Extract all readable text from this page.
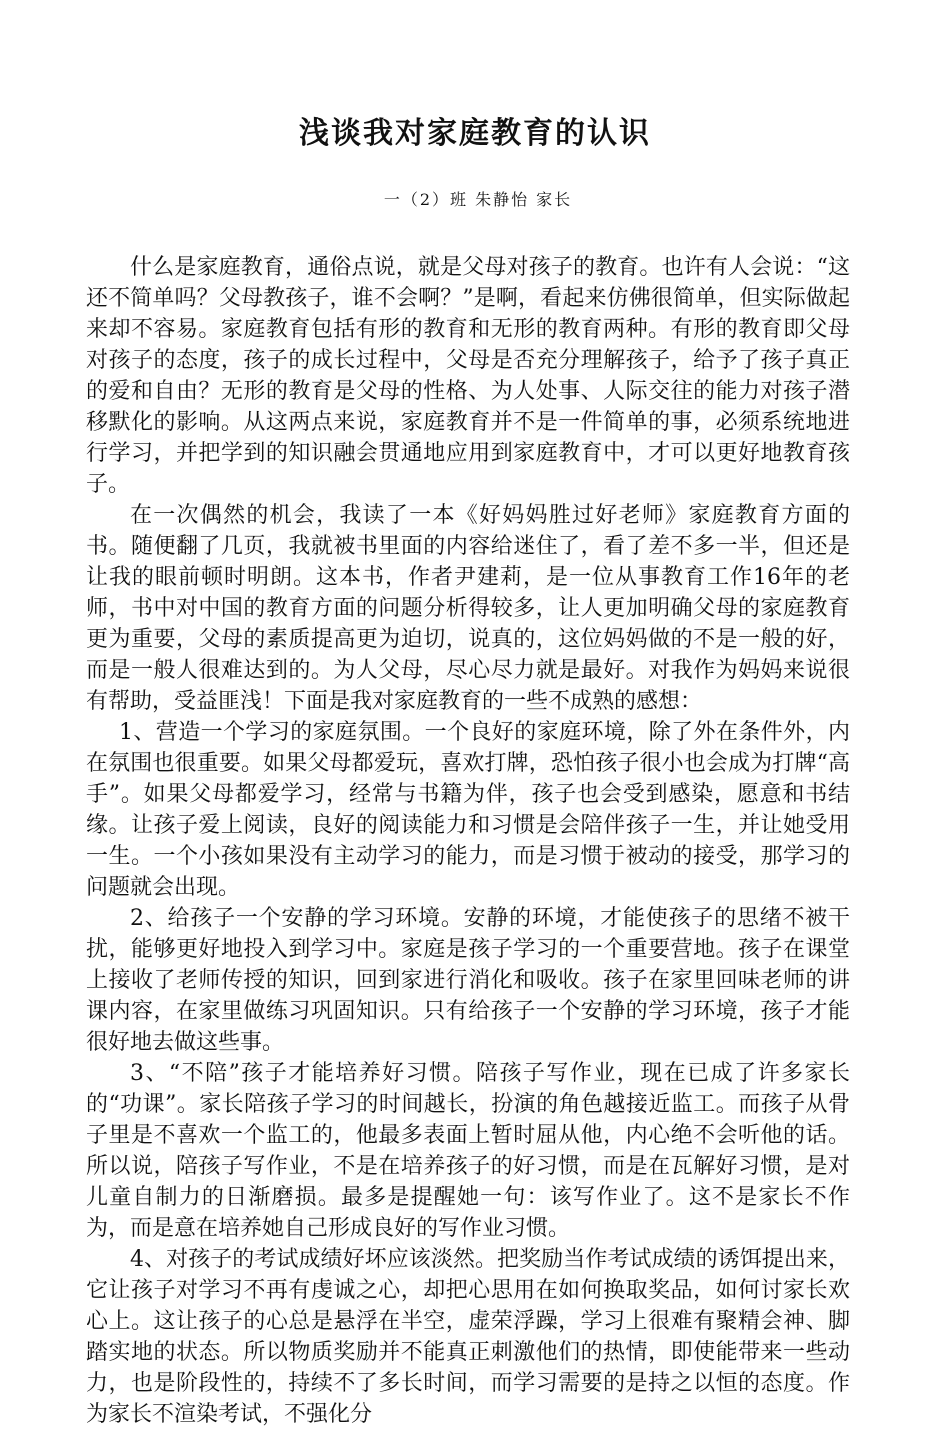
浅谈我对家庭教育的认识

一（2）班 朱静怡 家长

什么是家庭教育，通俗点说，就是父母对孩子的教育。也许有人会说：“这还不简单吗？父母教孩子，谁不会啊？”是啊，看起来仿佛很简单，但实际做起来却不容易。家庭教育包括有形的教育和无形的教育两种。有形的教育即父母对孩子的态度，孩子的成长过程中，父母是否充分理解孩子，给予了孩子真正的爱和自由？无形的教育是父母的性格、为人处事、人际交往的能力对孩子潜移默化的影响。从这两点来说，家庭教育并不是一件简单的事，必须系统地进行学习，并把学到的知识融会贯通地应用到家庭教育中，才可以更好地教育孩子。

在一次偶然的机会，我读了一本《好妈妈胜过好老师》家庭教育方面的书。随便翻了几页，我就被书里面的内容给迷住了，看了差不多一半，但还是让我的眼前顿时明朗。这本书，作者尹建莉，是一位从事教育工作16年的老师，书中对中国的教育方面的问题分析得较多，让人更加明确父母的家庭教育更为重要，父母的素质提高更为迫切，说真的，这位妈妈做的不是一般的好，而是一般人很难达到的。为人父母，尽心尽力就是最好。对我作为妈妈来说很有帮助，受益匪浅！下面是我对家庭教育的一些不成熟的感想：

1、营造一个学习的家庭氛围。一个良好的家庭环境，除了外在条件外，内在氛围也很重要。如果父母都爱玩，喜欢打牌，恐怕孩子很小也会成为打牌“高手”。如果父母都爱学习，经常与书籍为伴，孩子也会受到感染，愿意和书结缘。让孩子爱上阅读，良好的阅读能力和习惯是会陪伴孩子一生，并让她受用一生。一个小孩如果没有主动学习的能力，而是习惯于被动的接受，那学习的问题就会出现。

2、给孩子一个安静的学习环境。安静的环境，才能使孩子的思绪不被干扰，能够更好地投入到学习中。家庭是孩子学习的一个重要营地。孩子在课堂上接收了老师传授的知识，回到家进行消化和吸收。孩子在家里回味老师的讲课内容，在家里做练习巩固知识。只有给孩子一个安静的学习环境，孩子才能很好地去做这些事。

3、“不陪”孩子才能培养好习惯。陪孩子写作业，现在已成了许多家长的“功课”。家长陪孩子学习的时间越长，扮演的角色越接近监工。而孩子从骨子里是不喜欢一个监工的，他最多表面上暂时屈从他，内心绝不会听他的话。所以说，陪孩子写作业，不是在培养孩子的好习惯，而是在瓦解好习惯，是对儿童自制力的日渐磨损。最多是提醒她一句：该写作业了。这不是家长不作为，而是意在培养她自己形成良好的写作业习惯。

4、对孩子的考试成绩好坏应该淡然。把奖励当作考试成绩的诱饵提出来，它让孩子对学习不再有虔诚之心，却把心思用在如何换取奖品，如何讨家长欢心上。这让孩子的心总是悬浮在半空，虚荣浮躁，学习上很难有聚精会神、脚踏实地的状态。所以物质奖励并不能真正刺激他们的热情，即使能带来一些动力，也是阶段性的，持续不了多长时间，而学习需要的是持之以恒的态度。作为家长不渲染考试，不强化分
